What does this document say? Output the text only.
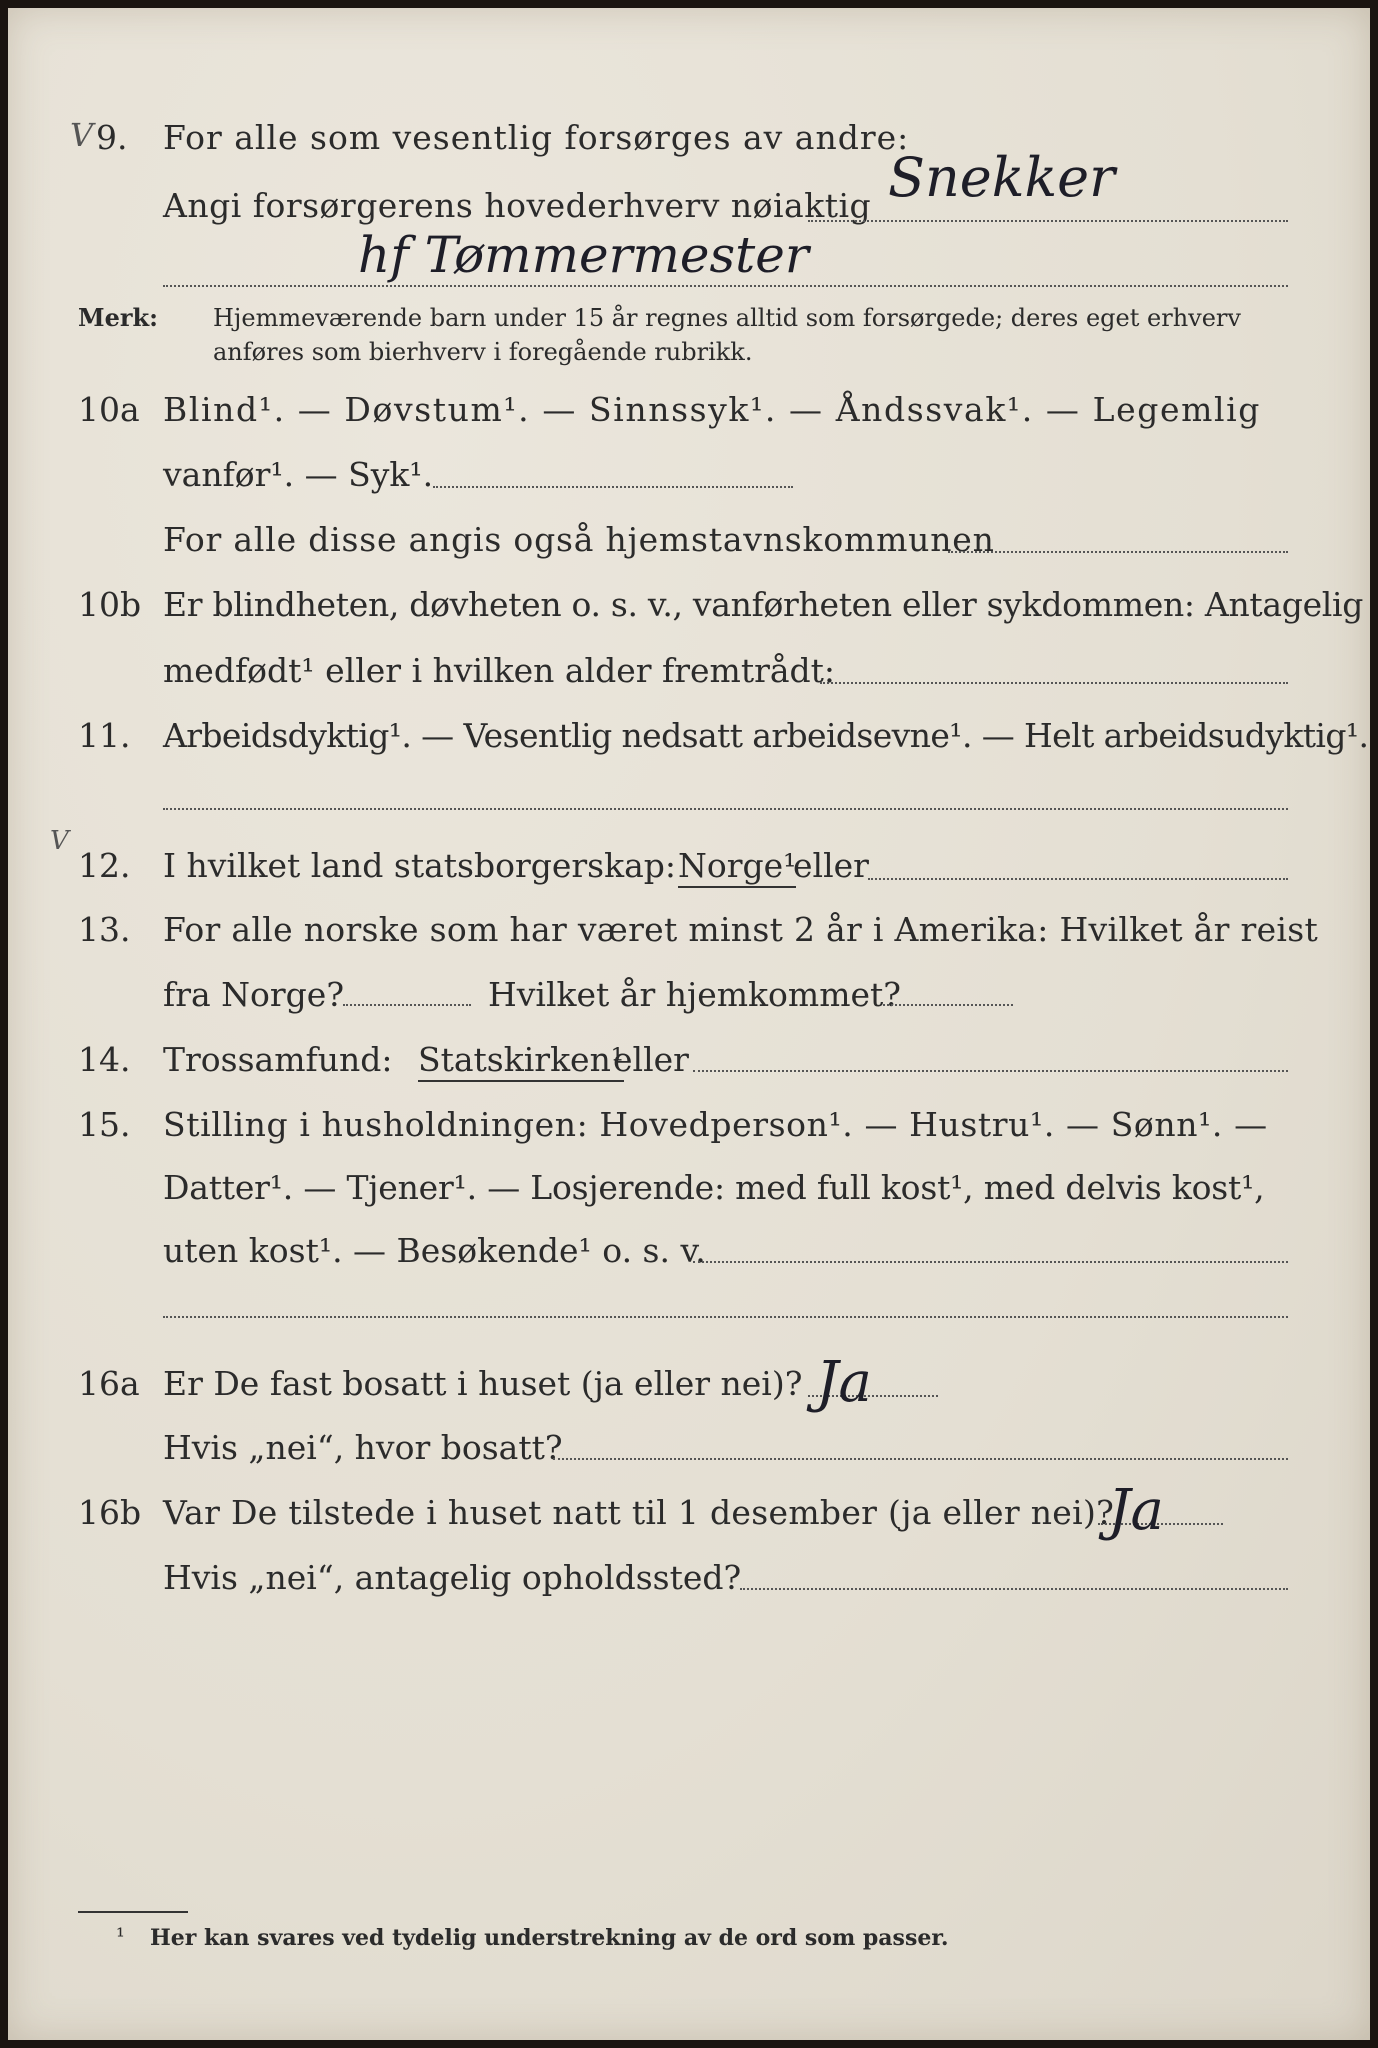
V 9. For alle som vesentlig forsørges av andre:
Angi forsørgerens hovederhverv nøiaktig Snekker
hf Tømmermester
Merk: Hjemmeværende barn under 15 år regnes alltid som forsørgede; deres eget erhverv
anføres som bierhverv i foregående rubrikk.
10a Blind¹. — Døvstum¹. — Sinnssyk¹. — Åndssvak¹. — Legemlig
vanfør¹. — Syk¹.
For alle disse angis også hjemstavnskommunen
10b Er blindheten, døvheten o. s. v., vanførheten eller sykdommen: Antagelig
medfødt¹ eller i hvilken alder fremtrådt:
11. Arbeidsdyktig¹. — Vesentlig nedsatt arbeidsevne¹. — Helt arbeidsudyktig¹.
V
12. I hvilket land statsborgerskap: Norge¹
eller
13. For alle norske som har været minst 2 år i Amerika: Hvilket år reist
fra Norge?	Hvilket år hjemkommet?
14. Trossamfund: Statskirken¹
eller
15. Stilling i husholdningen: Hovedperson¹. — Hustru¹. — Sønn¹. —
Datter¹. — Tjener¹. — Losjerende: med full kost¹, med delvis kost¹,
uten kost¹. — Besøkende¹ o. s. v.
16a Er De fast bosatt i huset (ja eller nei)? Ja
Hvis „nei“, hvor bosatt?
16b Var De tilstede i huset natt til 1 desember (ja eller nei)?
Ja
Hvis „nei“, antagelig opholdssted?
¹ Her kan svares ved tydelig understrekning av de ord som passer.
